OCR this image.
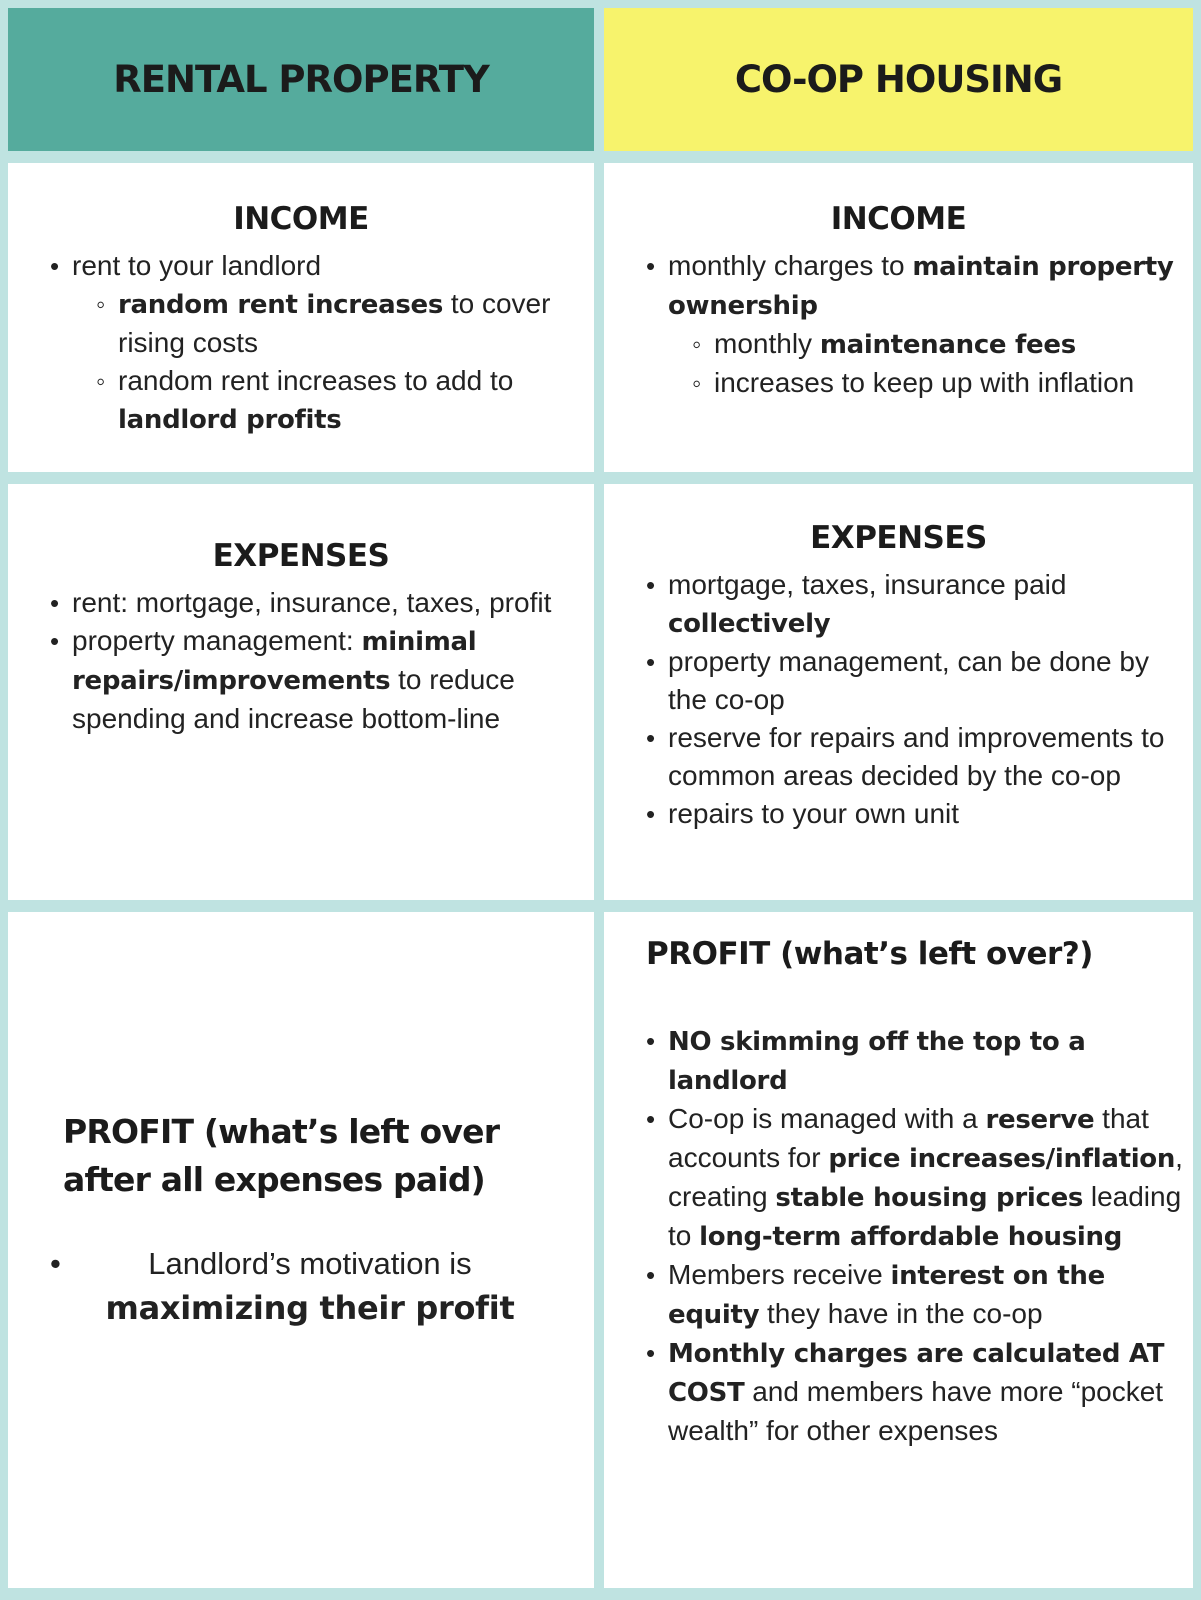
RENTAL PROPERTY	CO-OP HOUSING
INCOME
• rent to your landlord
◦ random rent increases to cover rising costs
◦ random rent increases to add to landlord profits
INCOME
• monthly charges to maintain property ownership
◦ monthly maintenance fees
◦ increases to keep up with inflation
EXPENSES
• rent: mortgage, insurance, taxes, profit
• property management: minimal repairs/improvements to reduce spending and increase bottom-line
EXPENSES
• mortgage, taxes, insurance paid collectively
• property management, can be done by the co-op
• reserve for repairs and improvements to common areas decided by the co-op
• repairs to your own unit
PROFIT (what’s left over after all expenses paid)
•	Landlord’s motivation is
maximizing their profit
PROFIT (what’s left over?)
• NO skimming off the top to a landlord
• Co-op is managed with a reserve that accounts for price increases/inflation, creating stable housing prices leading to long-term affordable housing
• Members receive interest on the equity they have in the co-op
• Monthly charges are calculated AT COST and members have more “pocket wealth” for other expenses
